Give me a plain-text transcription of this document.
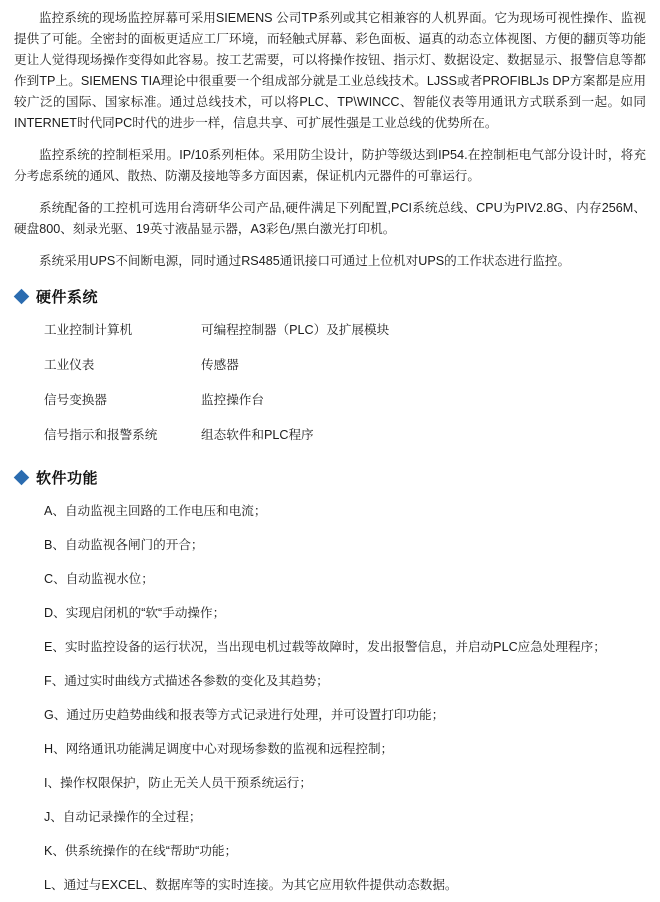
监控系统的现场监控屏幕可采用SIEMENS 公司TP系列或其它相兼容的人机界面。它为现场可视性操作、监视提供了可能。全密封的面板更适应工厂环境，而轻触式屏幕、彩色面板、逼真的动态立体视图、方便的翻页等功能更让人觉得现场操作变得如此容易。按工艺需要，可以将操作按钮、指示灯、数据设定、数据显示、报警信息等都作到TP上。SIEMENS TIA理论中很重要一个组成部分就是工业总线技术。LJSS或者PROFIBLJs DP方案都是应用较广泛的国际、国家标准。通过总线技术，可以将PLC、TP\WINCC、智能仪表等用通讯方式联系到一起。如同INTERNET时代同PC时代的进步一样，信息共享、可扩展性强是工业总线的优势所在。

监控系统的控制柜采用。IP/10系列柜体。采用防尘设计，防护等级达到IP54.在控制柜电气部分设计时，将充分考虑系统的通风、散热、防潮及接地等多方面因素，保证机内元器件的可靠运行。

系统配备的工控机可选用台湾研华公司产品,硬件满足下列配置,PCI系统总线、CPU为PIV2.8G、内存256M、硬盘800、刻录光驱、19英寸液晶显示器，A3彩色/黑白激光打印机。

系统采用UPS不间断电源，同时通过RS485通讯接口可通过上位机对UPS的工作状态进行监控。

硬件系统
工业控制计算机	可编程控制器（PLC）及扩展模块
工业仪表	传感器
信号变换器	监控操作台
信号指示和报警系统	组态软件和PLC程序
软件功能
A、自动监视主回路的工作电压和电流；
B、自动监视各闸门的开合；
C、自动监视水位；
D、实现启闭机的“软“手动操作；
E、实时监控设备的运行状况，当出现电机过载等故障时，发出报警信息，并启动PLC应急处理程序；
F、通过实时曲线方式描述各参数的变化及其趋势；
G、通过历史趋势曲线和报表等方式记录进行处理，并可设置打印功能；
H、网络通讯功能满足调度中心对现场参数的监视和远程控制；
I、操作权限保护，防止无关人员干预系统运行；
J、自动记录操作的全过程；
K、供系统操作的在线“帮助“功能；
L、通过与EXCEL、数据库等的实时连接。为其它应用软件提供动态数据。
